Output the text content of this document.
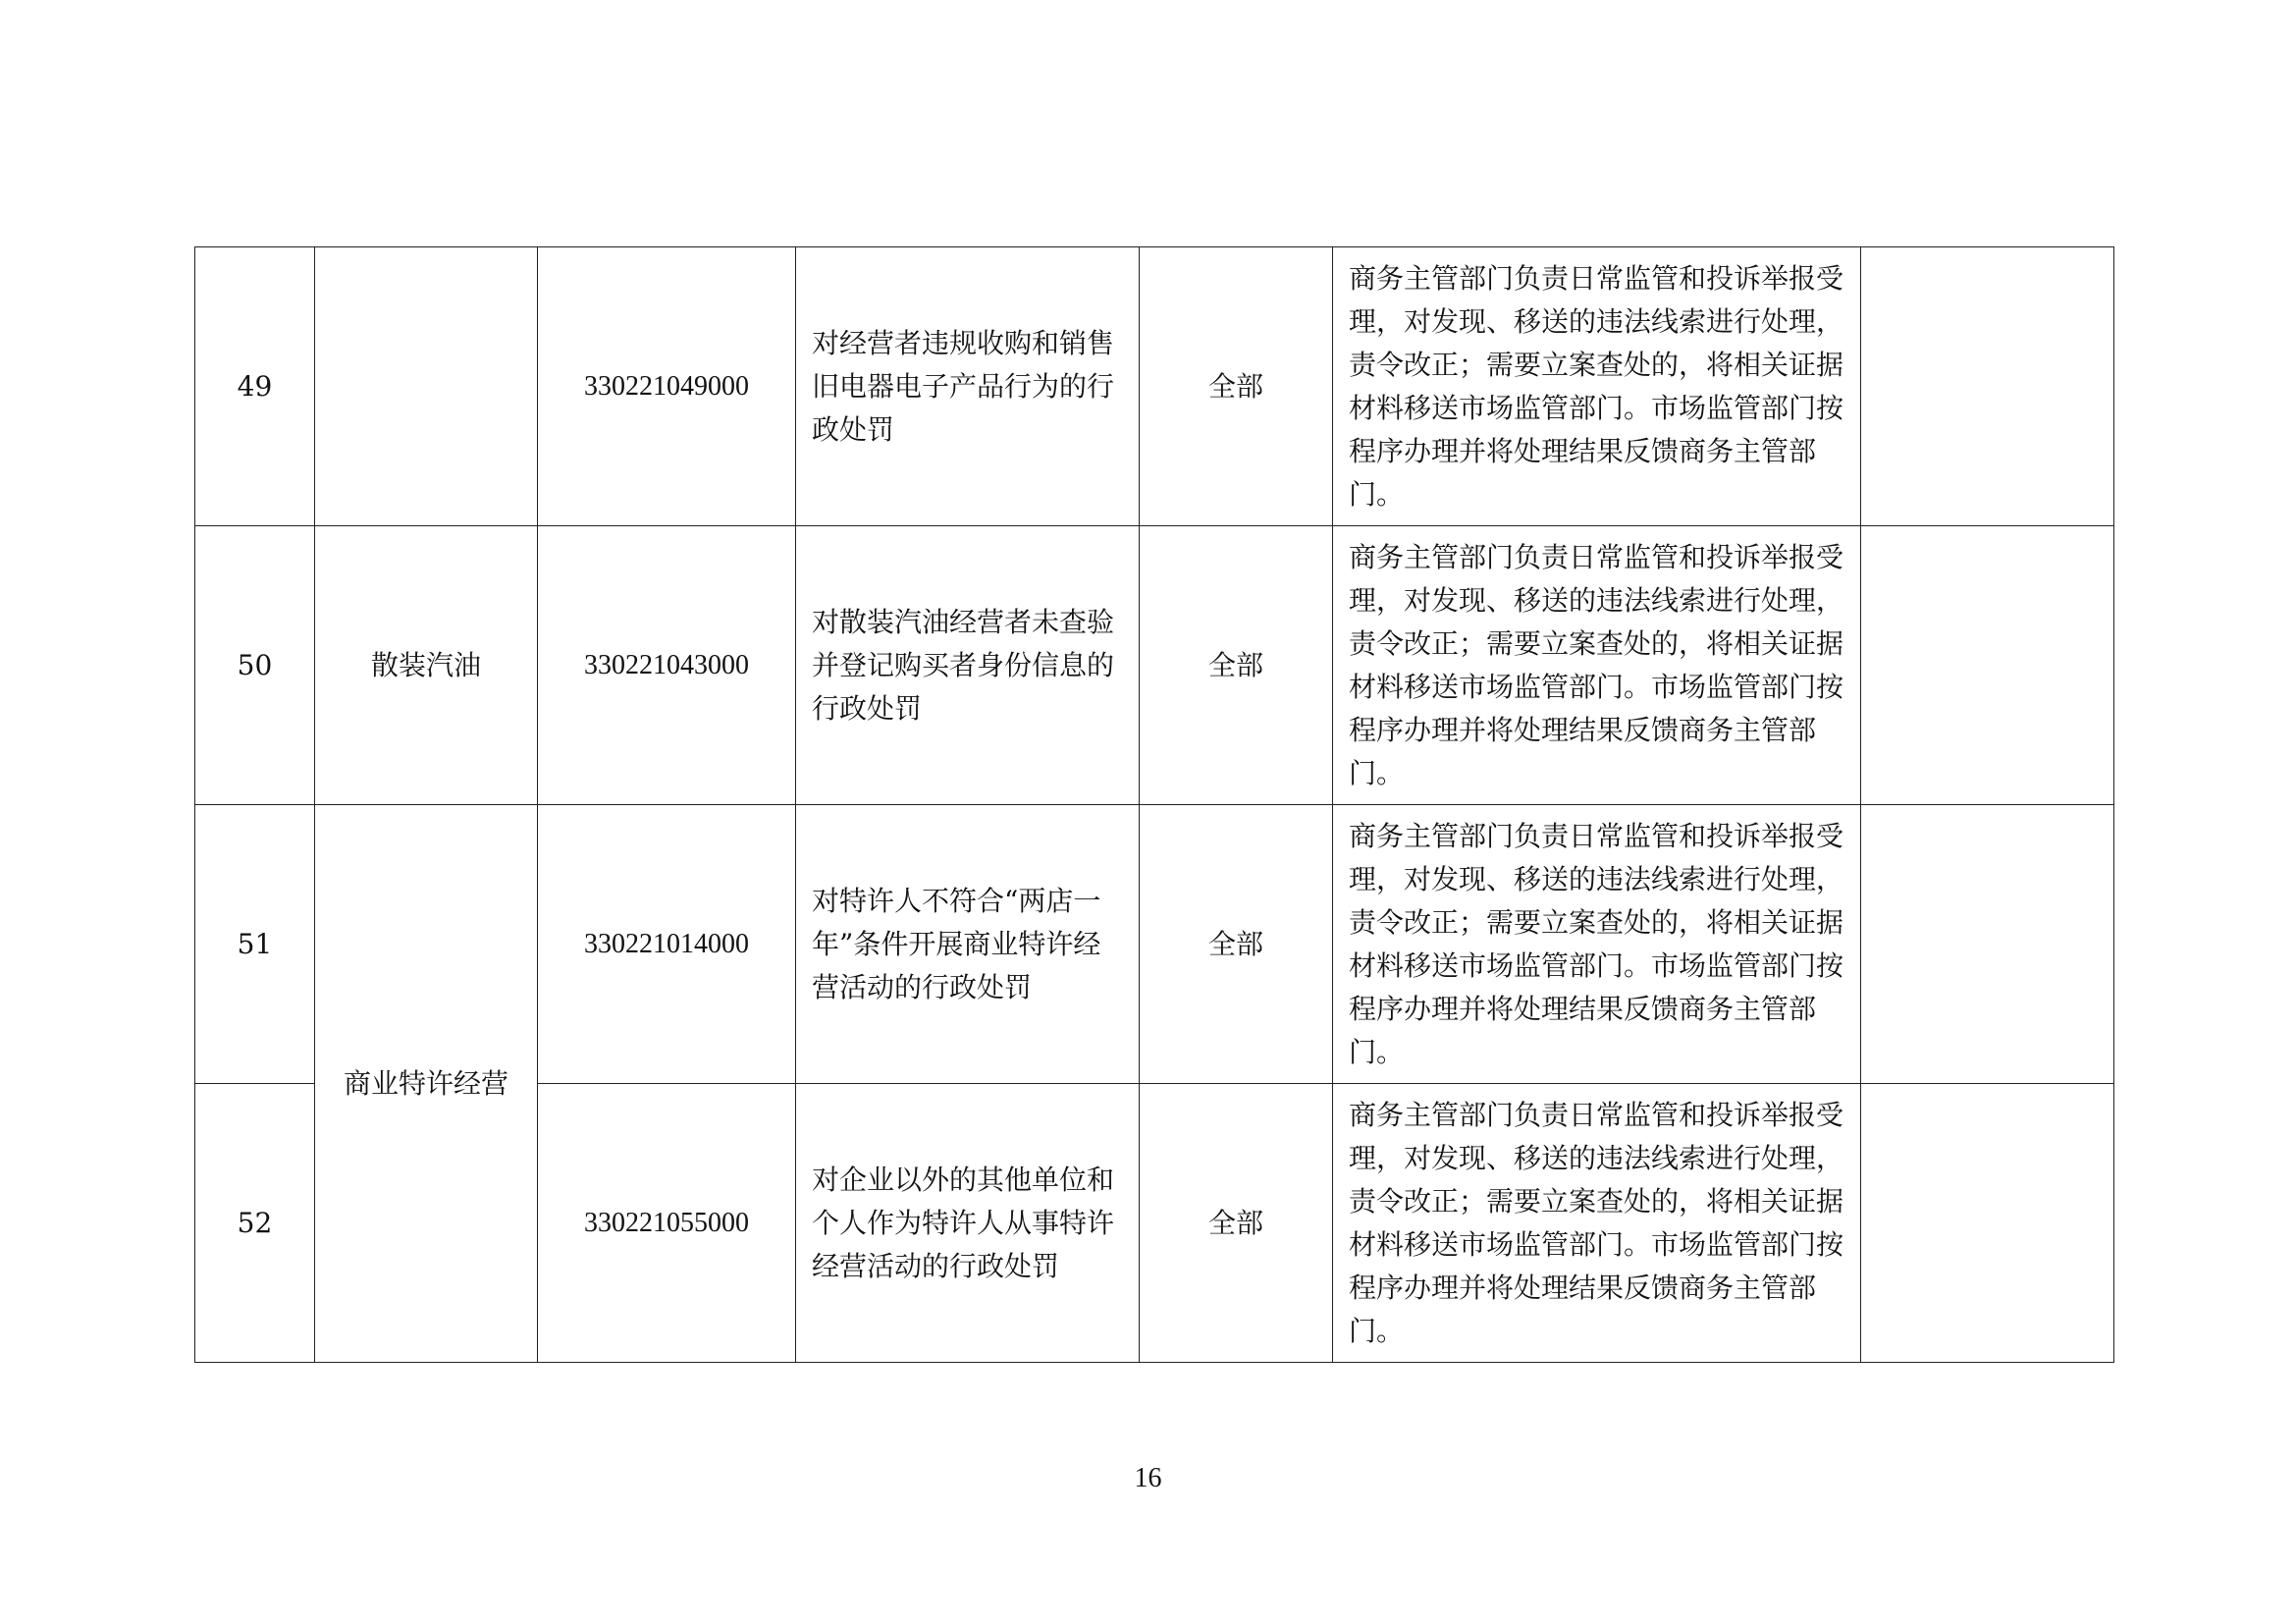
49		330221049000	对经营者违规收购和销售旧电器电子产品行为的行政处罚	全部	商务主管部门负责日常监管和投诉举报受理，对发现、移送的违法线索进行处理，责令改正；需要立案查处的，将相关证据材料移送市场监管部门。市场监管部门按程序办理并将处理结果反馈商务主管部门。	

50	散装汽油	330221043000	对散装汽油经营者未查验并登记购买者身份信息的行政处罚	全部	商务主管部门负责日常监管和投诉举报受理，对发现、移送的违法线索进行处理，责令改正；需要立案查处的，将相关证据材料移送市场监管部门。市场监管部门按程序办理并将处理结果反馈商务主管部门。	

51	商业特许经营	330221014000	对特许人不符合“两店一年”条件开展商业特许经营活动的行政处罚	全部	商务主管部门负责日常监管和投诉举报受理，对发现、移送的违法线索进行处理，责令改正；需要立案查处的，将相关证据材料移送市场监管部门。市场监管部门按程序办理并将处理结果反馈商务主管部门。	

52		330221055000	对企业以外的其他单位和个人作为特许人从事特许经营活动的行政处罚	全部	商务主管部门负责日常监管和投诉举报受理，对发现、移送的违法线索进行处理，责令改正；需要立案查处的，将相关证据材料移送市场监管部门。市场监管部门按程序办理并将处理结果反馈商务主管部门。	

16
